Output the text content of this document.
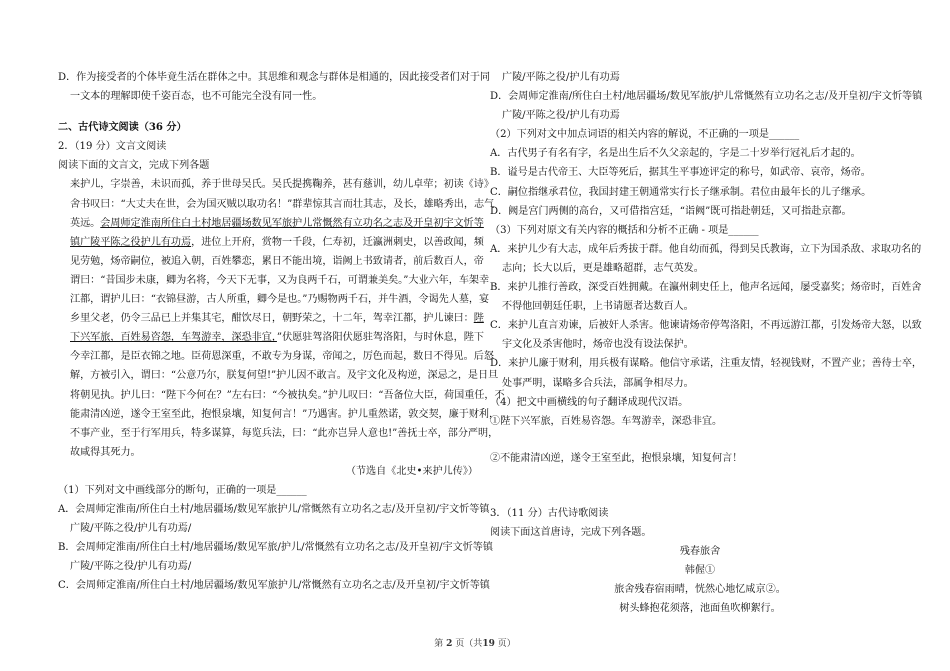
D．作为接受者的个体毕竟生活在群体之中。其思维和观念与群体是相通的，因此接受者们对于同
一文本的理解即使千姿百态，也不可能完全没有同一性。
二、古代诗文阅读（36 分）
2．（19 分）文言文阅读
阅读下面的文言文，完成下列各题
来护儿，字崇善，未识而孤，养于世母吴氏。吴氏提携鞠养，甚有慈训，幼儿卓荦；初读《诗》
舍书叹曰：“大丈夫在世，会为国灭贼以取功名！”群辈惊其言而壮其志，及长，雄略秀出，志气
英远。会周师定淮南所住白土村地居疆场数见军旅护儿常慨然有立功名之志及开皇初宇文忻等
镇广陵平陈之役护儿有功焉，进位上开府，赏物一千段，仁寿初，迁瀛洲刺史，以善政闻，频
见劳勉，炀帝嗣位，被追入朝，百姓攀恋，累日不能出境，诣阙上书致请者，前后数百人，帝
谓曰：“昔国步未康，卿为名将，今天下无事，又为良两千石，可谓兼美矣。”大业六年，车架幸
江都，谓护儿曰：“衣锦昼游，古人所重，卿今是也。”乃赐物两千石，并牛酒，令谒先人墓，宴
乡里父老，仍令三品已上并集其宅，酣饮尽日，朝野荣之，十二年，驾幸江都，护儿谏曰：陛
下兴军旅，百姓易咨怨，车驾游幸，深恐非宜，”伏愿驻驾洛阳伏愿驻驾洛阳，与时休息，陛下
今幸江都，是臣衣锦之地。臣荷恩深重，不敢专为身谋，帝闻之，厉色而起，数日不得见。后怒
解，方被引入，谓曰：“公意乃尔，朕复何望!”护儿因不敢言。及宇文化及构逆，深忌之，是日旦
将朝见执。护儿曰：“陛下今何在？”左右曰：“今被执矣。”护儿叹曰：“吾备位大臣，荷国重任，不
能肃清凶逆，遂令王室至此，抱恨泉壤，知复何言！”乃遇害。护儿重然诺，敦交契，廉于财利，
不事产业，至于行军用兵，特多谋算，每览兵法，曰：“此亦岂异人意也!”善抚士卒，部分严明，
故咸得其死力。
（节选自《北史•来护儿传》）
（1）下列对文中画线部分的断句，正确的一项是______
A．会周师定淮南/所住白土村/地居疆场/数见军旅护儿/常慨然有立功名之志/及开皇初/宇文忻等镇
广陵/平陈之役/护儿有功焉/
B．会周师定淮南/所住白土村/地居疆场/数见军旅/护儿/常慨然有立功名之志/及开皇初/宇文忻等镇
广陵/平陈之役/护儿有功焉/
C．会周师定淮南/所住白土村/地居疆场/数见军旅护儿/常慨然有立功名之志/及开皇初/宇文忻等镇
广陵/平陈之役/护儿有功焉
D．会周师定淮南/所住白土村/地居疆场/数见军旅/护儿常慨然有立功名之志/及开皇初/宇文忻等镇
广陵/平陈之役/护儿有功焉
（2）下列对文中加点词语的相关内容的解说，不正确的一项是______
A．古代男子有名有字，名是出生后不久父亲起的，字是二十岁举行冠礼后才起的。
B．谥号是古代帝王、大臣等死后，据其生平事迹评定的称号，如武帝、哀帝，炀帝。
C．嗣位指继承君位，我国封建王朝通常实行长子继承制。君位由最年长的儿子继承。
D．阙是宫门两侧的高台，又可借指宫廷，“诣阙”既可指赴朝廷，又可指赴京都。
（3）下列对原文有关内容的概括和分析不正确 - 项是______
A．来护儿少有大志，成年后秀拔于群。他自幼而孤，得到吴氏教诲，立下为国杀敌、求取功名的
志向；长大以后，更是雄略超群，志气英发。
B．来护儿推行善政，深受百姓拥戴。在瀛州刺史任上，他声名远闻，屡受嘉奖；炀帝时，百姓舍
不得他回朝廷任职，上书请愿者达数百人。
C．来护儿直言劝谏，后被奸人杀害。他谏请炀帝停驾洛阳，不再远游江都，引发炀帝大怒，以致
宇文化及杀害他时，炀帝也没有设法保护。
D．来护儿廉于财利，用兵极有谋略。他信守承诺，注重友情，轻视钱财，不置产业；善待士卒，
处事严明，谋略多合兵法，部属争相尽力。
（4）把文中画横线的句子翻译成现代汉语。
①陛下兴军旅，百姓易咨怨。车驾游幸，深恐非宜。
②不能肃清凶逆，遂令王室至此，抱恨泉壤，知复何言！
3．（11 分）古代诗歌阅读
阅读下面这首唐诗，完成下列各题。
残春旅舍
韩偓①
旅舍残春宿雨晴，恍然心地忆咸京②。
树头蜂抱花须落，池面鱼吹柳絮行。
第 2 页（共19 页）
